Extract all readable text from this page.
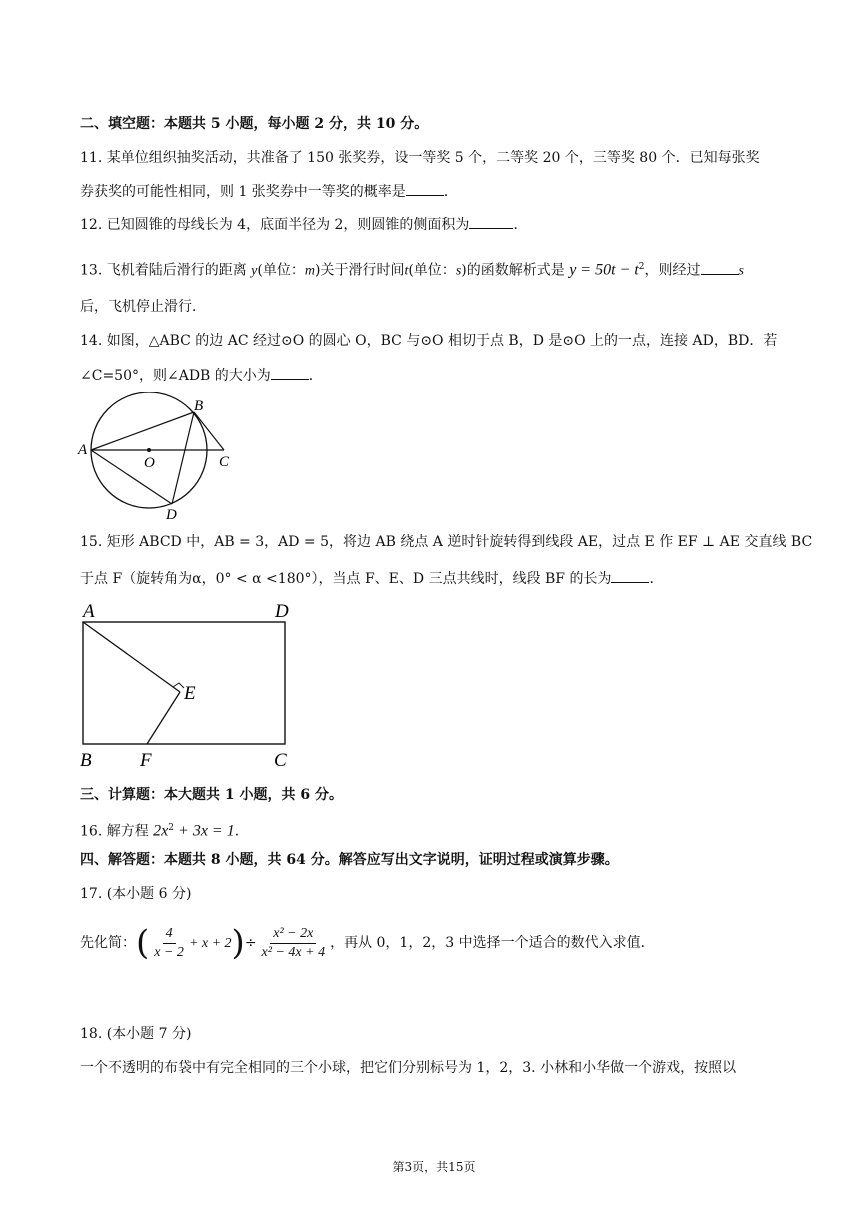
二、填空题：本题共 5 小题，每小题 2 分，共 10 分。
11. 某单位组织抽奖活动，共准备了 150 张奖券，设一等奖 5 个，二等奖 20 个，三等奖 80 个．已知每张奖
券获奖的可能性相同，则 1 张奖券中一等奖的概率是	．
12. 已知圆锥的母线长为 4，底面半径为 2，则圆锥的侧面积为	．
13. 飞机着陆后滑行的距离 y(单位：m)关于滑行时间t(单位：s)的函数解析式是 $y = 50t - t^2$，则经过	s
后，飞机停止滑行．
14. 如图，△ABC 的边 AC 经过⊙O 的圆心 O，BC 与⊙O 相切于点 B，D 是⊙O 上的一点，连接 AD，BD．若
∠C=50°，则∠ADB 的大小为	．
A
B
C
D
O
15. 矩形 ABCD 中，AB = 3，AD = 5，将边 AB 绕点 A 逆时针旋转得到线段 AE，过点 E 作 EF ⊥ AE 交直线 BC
于点 F（旋转角为α，0° < α <180°），当点 F、E、D 三点共线时，线段 BF 的长为	．
A	D
E
B	F	C
三、计算题：本大题共 1 小题，共 6 分。
16. 解方程 $2x^2 + 3x = 1$．
四、解答题：本题共 8 小题，共 64 分。解答应写出文字说明，证明过程或演算步骤。
17. (本小题 6 分)
先化简：( $\frac{4}{x - 2} + x + 2)\div \frac{\text{x² − 2x}}{\text{x² − 4x + 4}}$ ，再从 0，1，2，3 中选择一个适合的数代入求值．
18. (本小题 7 分)
一个不透明的布袋中有完全相同的三个小球，把它们分别标号为 1，2，3. 小林和小华做一个游戏，按照以
第3页，共15页
